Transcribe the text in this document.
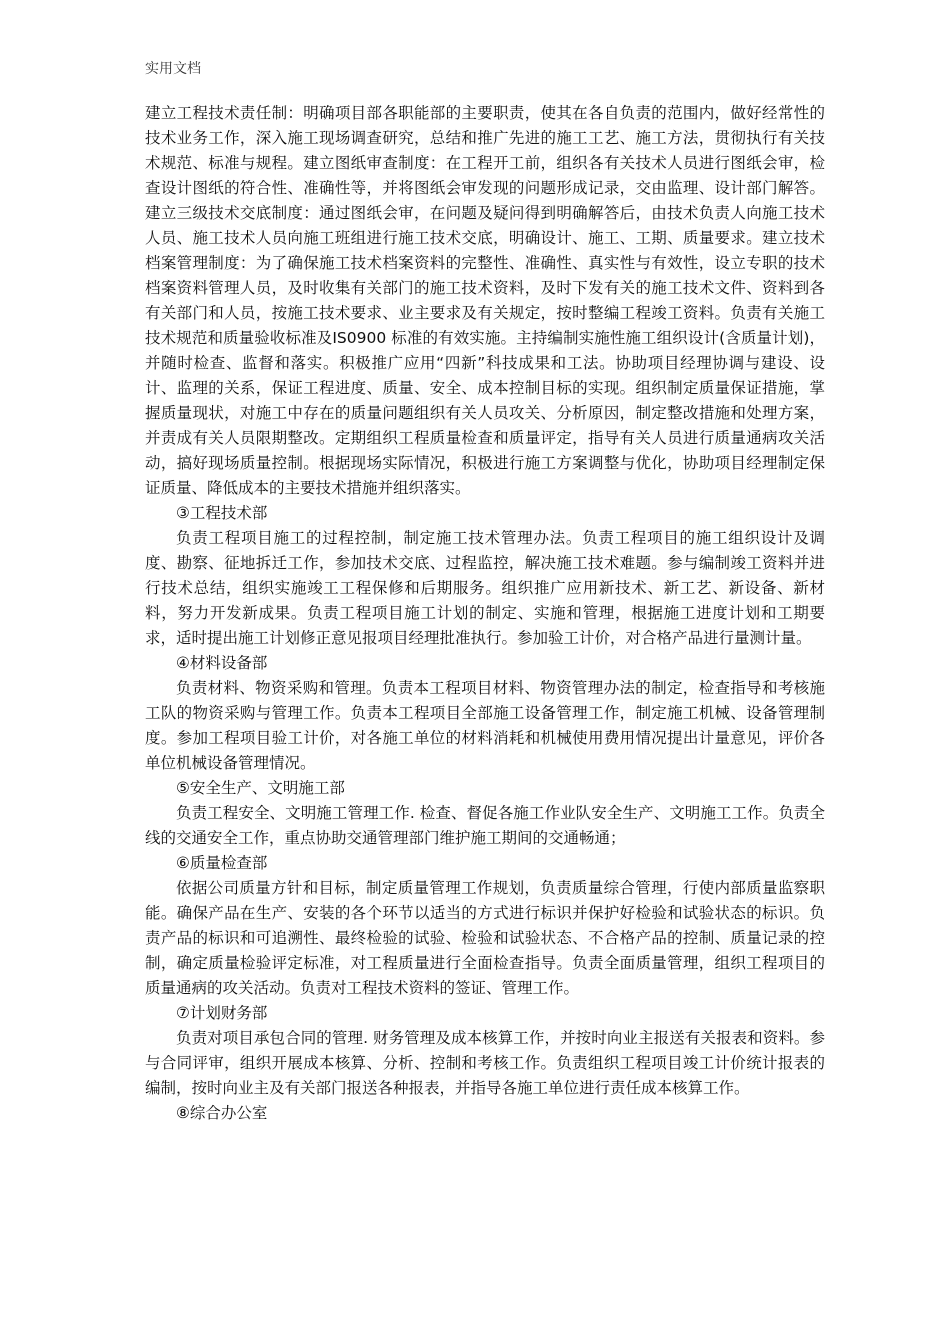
实用文档

建立工程技术责任制：明确项目部各职能部的主要职责，使其在各自负责的范围内，做好经常性的技术业务工作，深入施工现场调查研究，总结和推广先进的施工工艺、施工方法，贯彻执行有关技术规范、标准与规程。建立图纸审查制度：在工程开工前，组织各有关技术人员进行图纸会审，检查设计图纸的符合性、准确性等，并将图纸会审发现的问题形成记录，交由监理、设计部门解答。建立三级技术交底制度：通过图纸会审，在问题及疑问得到明确解答后，由技术负责人向施工技术人员、施工技术人员向施工班组进行施工技术交底，明确设计、施工、工期、质量要求。建立技术档案管理制度：为了确保施工技术档案资料的完整性、准确性、真实性与有效性，设立专职的技术档案资料管理人员，及时收集有关部门的施工技术资料，及时下发有关的施工技术文件、资料到各有关部门和人员，按施工技术要求、业主要求及有关规定，按时整编工程竣工资料。负责有关施工技术规范和质量验收标准及IS0900 标准的有效实施。主持编制实施性施工组织设计(含质量计划)，并随时检查、监督和落实。积极推广应用“四新”科技成果和工法。协助项目经理协调与建设、设计、监理的关系，保证工程进度、质量、安全、成本控制目标的实现。组织制定质量保证措施，掌握质量现状，对施工中存在的质量问题组织有关人员攻关、分析原因，制定整改措施和处理方案，并责成有关人员限期整改。定期组织工程质量检查和质量评定，指导有关人员进行质量通病攻关活动，搞好现场质量控制。根据现场实际情况，积极进行施工方案调整与优化，协助项目经理制定保证质量、降低成本的主要技术措施并组织落实。

③工程技术部

负责工程项目施工的过程控制，制定施工技术管理办法。负责工程项目的施工组织设计及调度、勘察、征地拆迁工作，参加技术交底、过程监控，解决施工技术难题。参与编制竣工资料并进行技术总结，组织实施竣工工程保修和后期服务。组织推广应用新技术、新工艺、新设备、新材料，努力开发新成果。负责工程项目施工计划的制定、实施和管理，根据施工进度计划和工期要求，适时提出施工计划修正意见报项目经理批准执行。参加验工计价，对合格产品进行量测计量。

④材料设备部

负责材料、物资采购和管理。负责本工程项目材料、物资管理办法的制定，检查指导和考核施工队的物资采购与管理工作。负责本工程项目全部施工设备管理工作，制定施工机械、设备管理制度。参加工程项目验工计价，对各施工单位的材料消耗和机械使用费用情况提出计量意见，评价各单位机械设备管理情况。

⑤安全生产、文明施工部

负责工程安全、文明施工管理工作. 检查、督促各施工作业队安全生产、文明施工工作。负责全线的交通安全工作，重点协助交通管理部门维护施工期间的交通畅通；

⑥质量检查部

依据公司质量方针和目标，制定质量管理工作规划，负责质量综合管理，行使内部质量监察职能。确保产品在生产、安装的各个环节以适当的方式进行标识并保护好检验和试验状态的标识。负责产品的标识和可追溯性、最终检验的试验、检验和试验状态、不合格产品的控制、质量记录的控制，确定质量检验评定标准，对工程质量进行全面检查指导。负责全面质量管理，组织工程项目的质量通病的攻关活动。负责对工程技术资料的签证、管理工作。

⑦计划财务部

负责对项目承包合同的管理. 财务管理及成本核算工作，并按时向业主报送有关报表和资料。参与合同评审，组织开展成本核算、分析、控制和考核工作。负责组织工程项目竣工计价统计报表的编制，按时向业主及有关部门报送各种报表，并指导各施工单位进行责任成本核算工作。

⑧综合办公室
